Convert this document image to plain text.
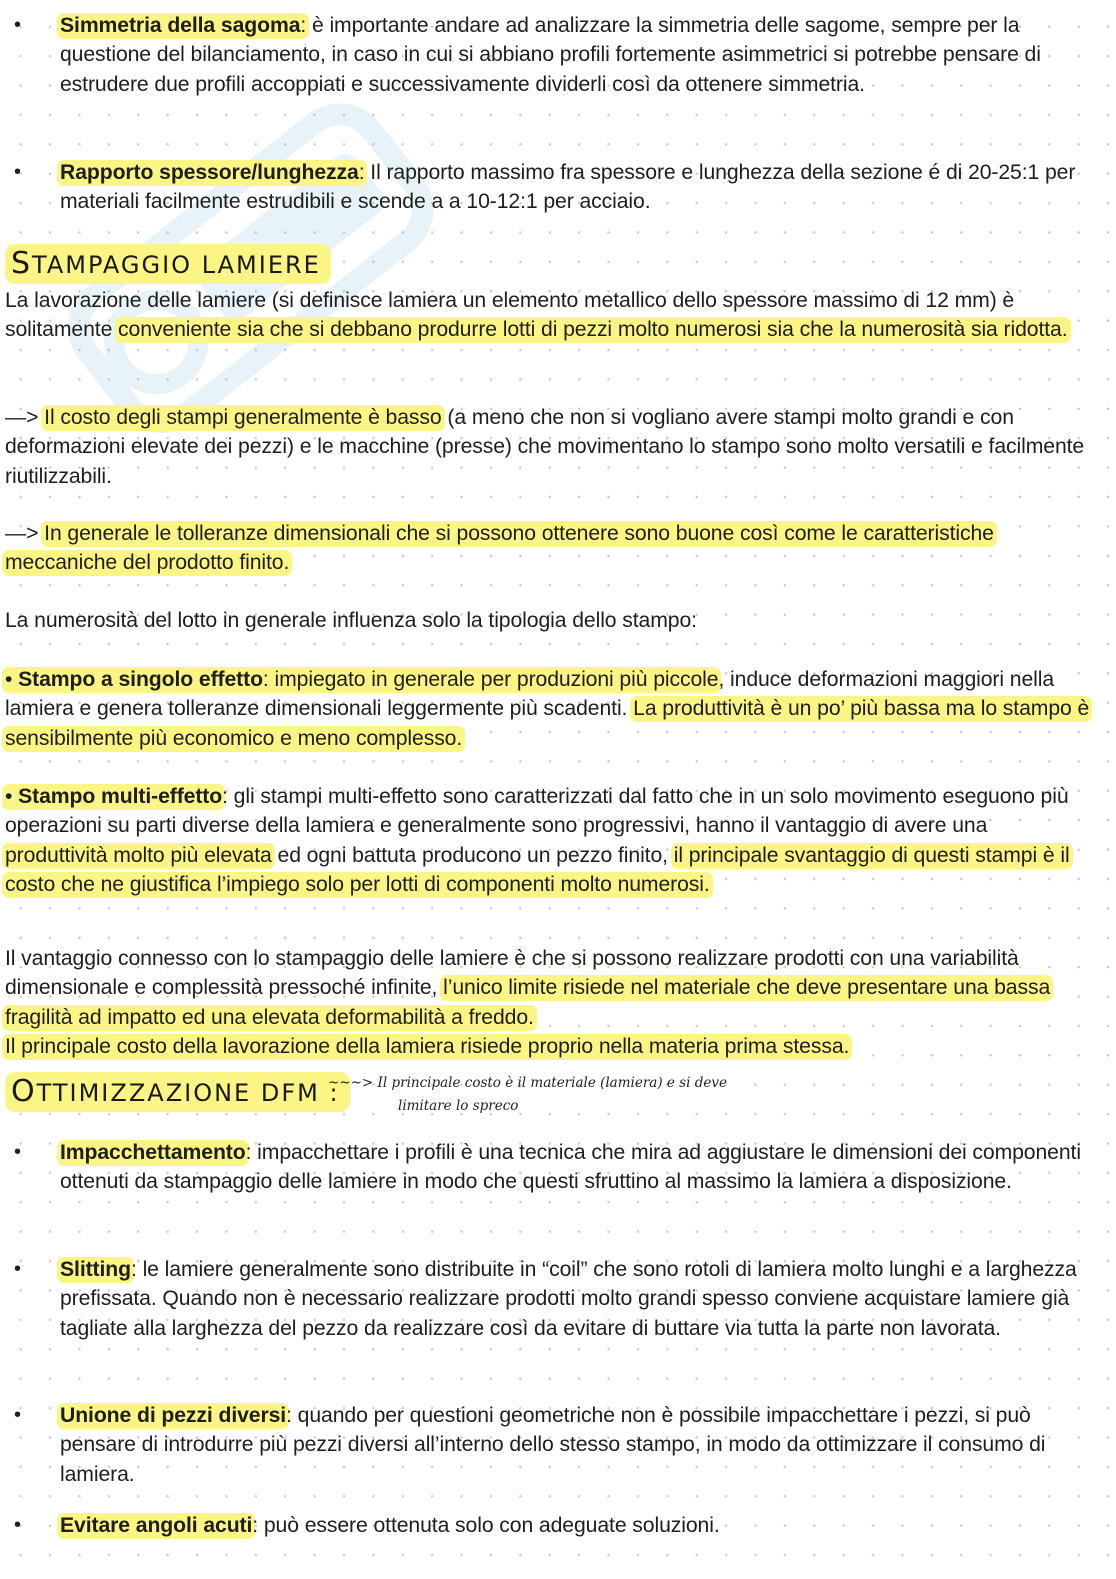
• Simmetria della sagoma: è importante andare ad analizzare la simmetria delle sagome, sempre per la questione del bilanciamento, in caso in cui si abbiano profili fortemente asimmetrici si potrebbe pensare di estrudere due profili accoppiati e successivamente dividerli così da ottenere simmetria.
• Rapporto spessore/lunghezza: Il rapporto massimo fra spessore e lunghezza della sezione é di 20-25:1 per materiali facilmente estrudibili e scende a a 10-12:1 per acciaio.
STAMPAGGIO LAMIERE
La lavorazione delle lamiere (si definisce lamiera un elemento metallico dello spessore massimo di 12 mm) è solitamente conveniente sia che si debbano produrre lotti di pezzi molto numerosi sia che la numerosità sia ridotta.
—> Il costo degli stampi generalmente è basso (a meno che non si vogliano avere stampi molto grandi e con deformazioni elevate dei pezzi) e le macchine (presse) che movimentano lo stampo sono molto versatili e facilmente riutilizzabili.
—> In generale le tolleranze dimensionali che si possono ottenere sono buone così come le caratteristiche meccaniche del prodotto finito.
La numerosità del lotto in generale influenza solo la tipologia dello stampo:
• Stampo a singolo effetto: impiegato in generale per produzioni più piccole, induce deformazioni maggiori nella lamiera e genera tolleranze dimensionali leggermente più scadenti. La produttività è un po’ più bassa ma lo stampo è sensibilmente più economico e meno complesso.
• Stampo multi-effetto: gli stampi multi-effetto sono caratterizzati dal fatto che in un solo movimento eseguono più operazioni su parti diverse della lamiera e generalmente sono progressivi, hanno il vantaggio di avere una produttività molto più elevata ed ogni battuta producono un pezzo finito, il principale svantaggio di questi stampi è il costo che ne giustifica l’impiego solo per lotti di componenti molto numerosi.
Il vantaggio connesso con lo stampaggio delle lamiere è che si possono realizzare prodotti con una variabilità dimensionale e complessità pressoché infinite, l’unico limite risiede nel materiale che deve presentare una bassa fragilità ad impatto ed una elevata deformabilità a freddo.
Il principale costo della lavorazione della lamiera risiede proprio nella materia prima stessa.
OTTIMIZZAZIONE DFM :
~~~> Il principale costo è il materiale (lamiera) e si deve
limitare lo spreco
• Impacchettamento: impacchettare i profili è una tecnica che mira ad aggiustare le dimensioni dei componenti ottenuti da stampaggio delle lamiere in modo che questi sfruttino al massimo la lamiera a disposizione.
• Slitting: le lamiere generalmente sono distribuite in “coil” che sono rotoli di lamiera molto lunghi e a larghezza prefissata. Quando non è necessario realizzare prodotti molto grandi spesso conviene acquistare lamiere già tagliate alla larghezza del pezzo da realizzare così da evitare di buttare via tutta la parte non lavorata.
• Unione di pezzi diversi: quando per questioni geometriche non è possibile impacchettare i pezzi, si può pensare di introdurre più pezzi diversi all’interno dello stesso stampo, in modo da ottimizzare il consumo di lamiera.
• Evitare angoli acuti: può essere ottenuta solo con adeguate soluzioni.
